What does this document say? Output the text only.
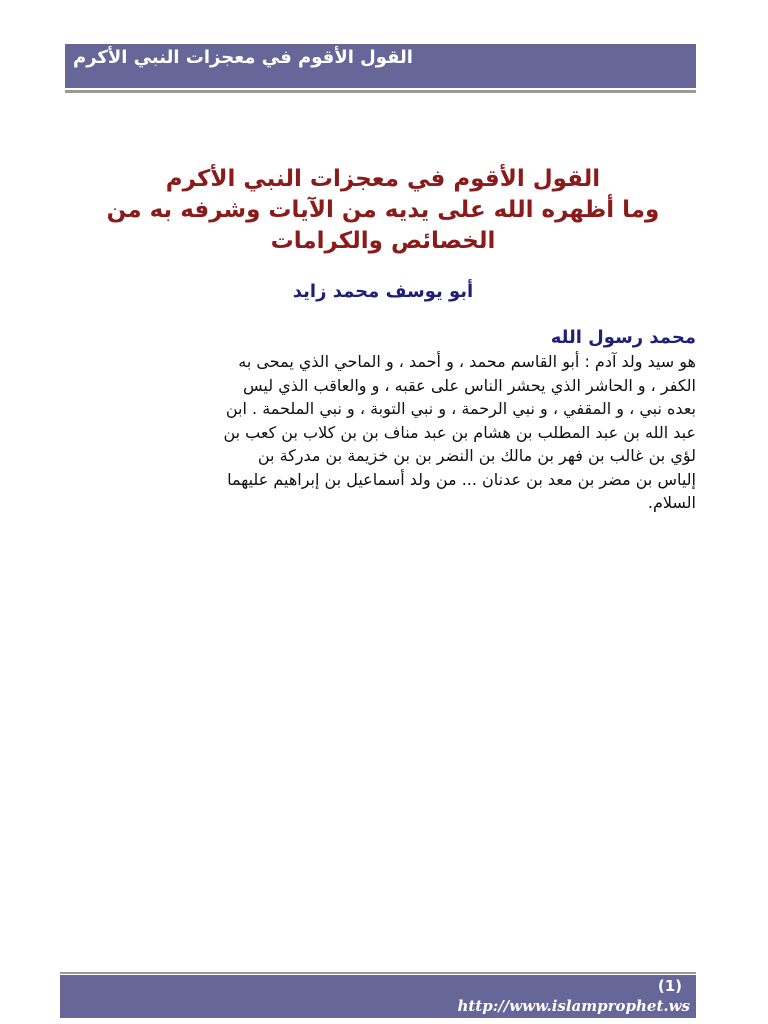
القول الأقوم في معجزات النبي الأكرم
القول الأقوم في معجزات النبي الأكرم
وما أظهره الله على يديه من الآيات وشرفه به من
الخصائص والكرامات
أبو يوسف محمد زايد
محمد رسول الله
هو سيد ولد آدم : أبو القاسم محمد ، و أحمد ، و الماحي الذي يمحى به
الكفر ، و الحاشر الذي يحشر الناس على عقبه ، و والعاقب الذي ليس
بعده نبي ، و المقفي ، و نبي الرحمة ، و نبي التوبة ، و نبي الملحمة . ابن
عبد الله بن عبد المطلب بن هشام بن عبد مناف بن بن كلاب بن كعب بن
لؤي بن غالب بن فهر بن مالك بن النضر بن بن خزيمة بن مدركة بن
إلياس بن مضر بن معد بن عدنان ... من ولد أسماعيل بن إبراهيم عليهما
السلام.
(1)
http://www.islamprophet.ws
